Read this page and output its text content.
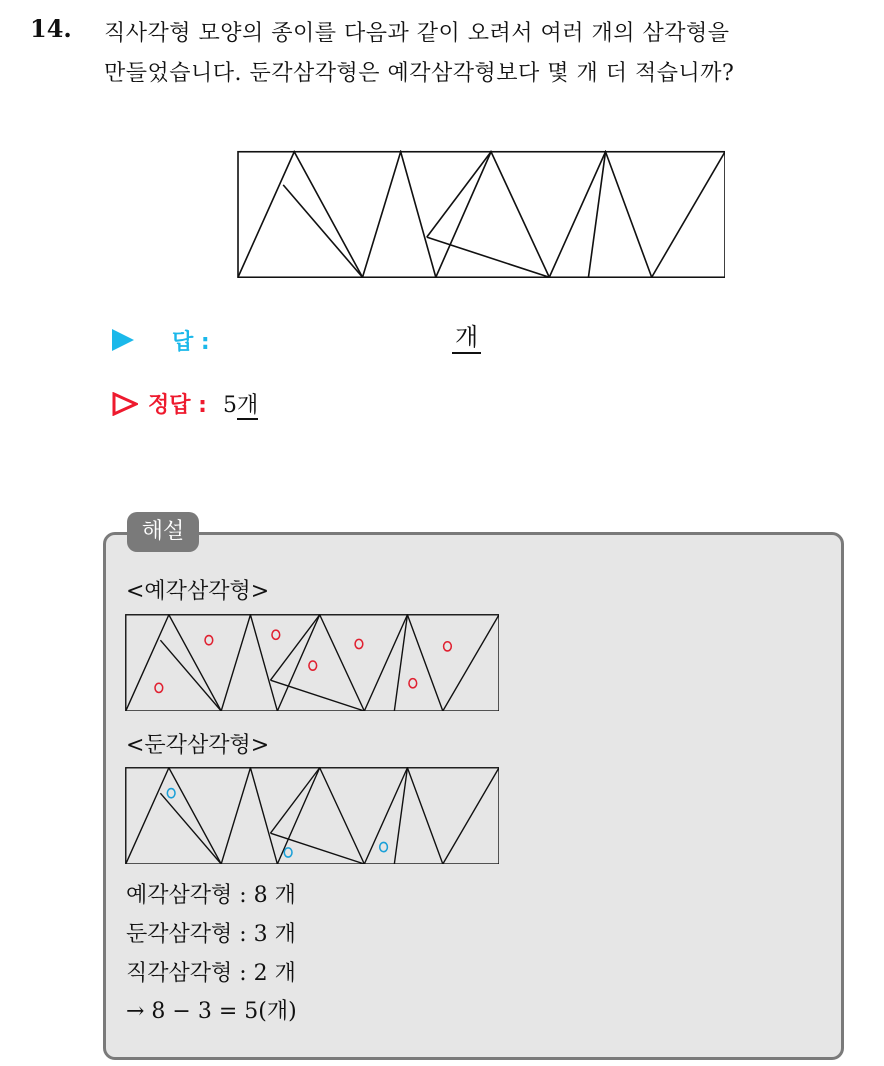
14. 직사각형 모양의 종이를 다음과 같이 오려서 여러 개의 삼각형을
만들었습니다. 둔각삼각형은 예각삼각형보다 몇 개 더 적습니까?
답 :	개
정답 : 5개
해설
<예각삼각형>
<둔각삼각형>
예각삼각형 : 8 개
둔각삼각형 : 3 개
직각삼각형 : 2 개
→ 8 − 3 = 5(개)
